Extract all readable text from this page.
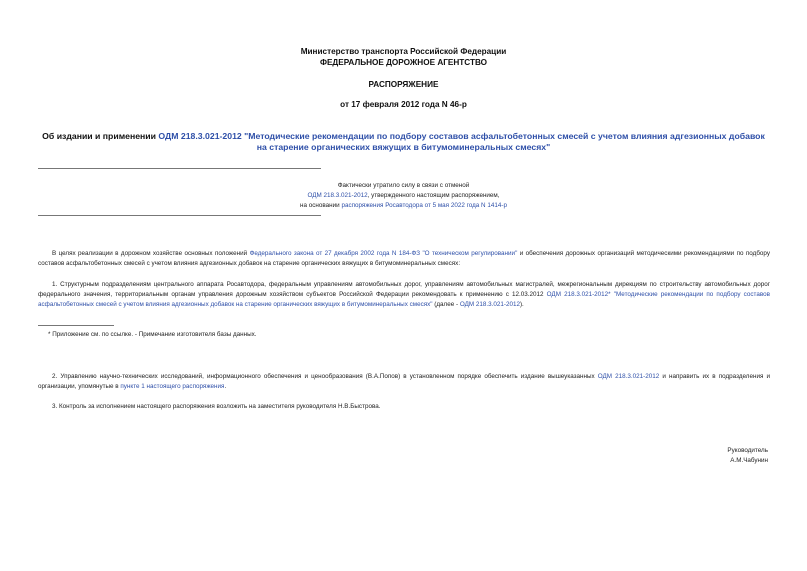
Министерство транспорта Российской Федерации
ФЕДЕРАЛЬНОЕ ДОРОЖНОЕ АГЕНТСТВО
РАСПОРЯЖЕНИЕ
от 17 февраля 2012 года N 46-р
Об издании и применении ОДМ 218.3.021-2012 "Методические рекомендации по подбору составов асфальтобетонных смесей с учетом влияния адгезионных добавок на старение органических вяжущих в битумоминеральных смесях"
Фактически утратило силу в связи с отменой
ОДМ 218.3.021-2012, утвержденного настоящим распоряжением,
на основании распоряжения Росавтодора от 5 мая 2022 года N 1414-р
В целях реализации в дорожном хозяйстве основных положений Федерального закона от 27 декабря 2002 года N 184-ФЗ "О техническом регулировании" и обеспечения дорожных организаций методическими рекомендациями по подбору составов асфальтобетонных смесей с учетом влияния адгезионных добавок на старение органических вяжущих в битумоминеральных смесях:
1. Структурным подразделениям центрального аппарата Росавтодора, федеральным управлениям автомобильных дорог, управлениям автомобильных магистралей, межрегиональным дирекциям по строительству автомобильных дорог федерального значения, территориальным органам управления дорожным хозяйством субъектов Российской Федерации рекомендовать к применению с 12.03.2012 ОДМ 218.3.021-2012* "Методические рекомендации по подбору составов асфальтобетонных смесей с учетом влияния адгезионных добавок на старение органических вяжущих в битумоминеральных смесях" (далее - ОДМ 218.3.021-2012).
* Приложение см. по ссылке. - Примечание изготовителя базы данных.
2. Управлению научно-технических исследований, информационного обеспечения и ценообразования (В.А.Попов) в установленном порядке обеспечить издание вышеуказанных ОДМ 218.3.021-2012 и направить их в подразделения и организации, упомянутые в пункте 1 настоящего распоряжения.
3. Контроль за исполнением настоящего распоряжения возложить на заместителя руководителя Н.В.Быстрова.
Руководитель
А.М.Чабунин
